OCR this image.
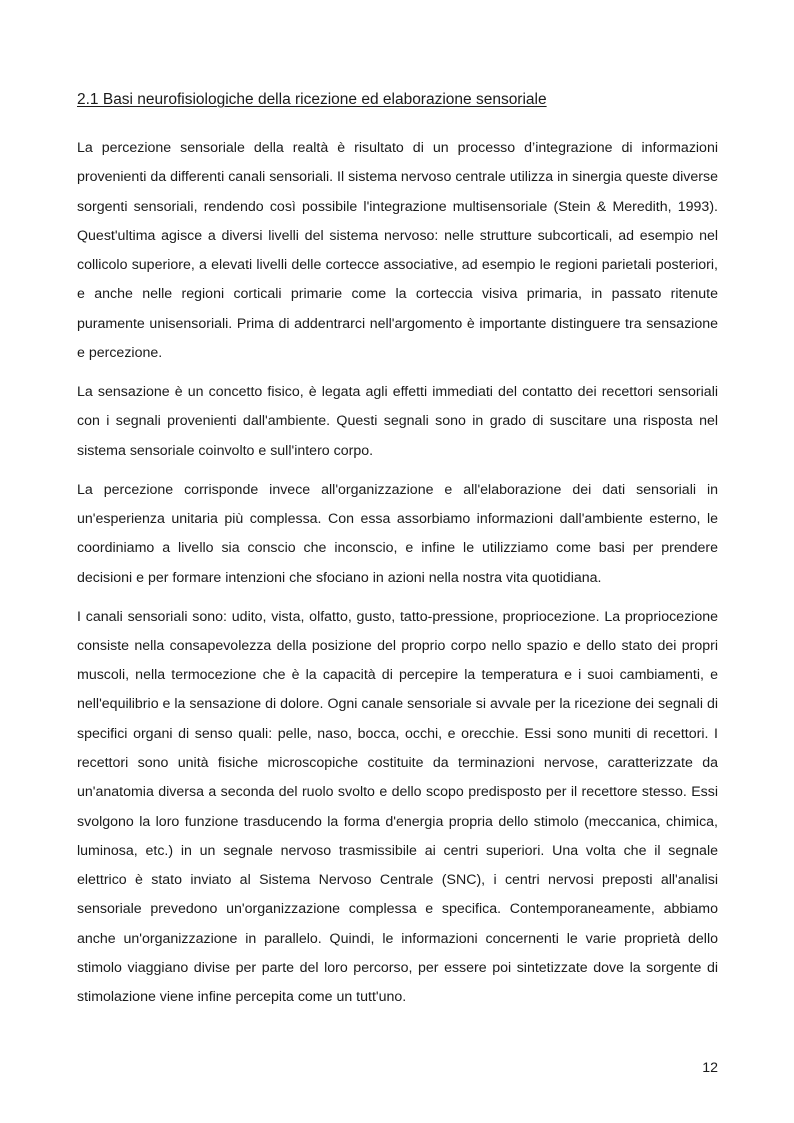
2.1 Basi neurofisiologiche della ricezione ed elaborazione sensoriale

La percezione sensoriale della realtà è risultato di un processo d’integrazione di informazioni provenienti da differenti canali sensoriali. Il sistema nervoso centrale utilizza in sinergia queste diverse sorgenti sensoriali, rendendo così possibile l'integrazione multisensoriale (Stein & Meredith, 1993). Quest'ultima agisce a diversi livelli del sistema nervoso: nelle strutture subcorticali, ad esempio nel collicolo superiore, a elevati livelli delle cortecce associative, ad esempio le regioni parietali posteriori, e anche nelle regioni corticali primarie come la corteccia visiva primaria, in passato ritenute puramente unisensoriali. Prima di addentrarci nell'argomento è importante distinguere tra sensazione e percezione.

La sensazione è un concetto fisico, è legata agli effetti immediati del contatto dei recettori sensoriali con i segnali provenienti dall'ambiente. Questi segnali sono in grado di suscitare una risposta nel sistema sensoriale coinvolto e sull'intero corpo.

La percezione corrisponde invece all'organizzazione e all'elaborazione dei dati sensoriali in un'esperienza unitaria più complessa. Con essa assorbiamo informazioni dall'ambiente esterno, le coordiniamo a livello sia conscio che inconscio, e infine le utilizziamo come basi per prendere decisioni e per formare intenzioni che sfociano in azioni nella nostra vita quotidiana.

I canali sensoriali sono: udito, vista, olfatto, gusto, tatto-pressione, propriocezione. La propriocezione consiste nella consapevolezza della posizione del proprio corpo nello spazio e dello stato dei propri muscoli, nella termocezione che è la capacità di percepire la temperatura e i suoi cambiamenti, e nell'equilibrio e la sensazione di dolore. Ogni canale sensoriale si avvale per la ricezione dei segnali di specifici organi di senso quali: pelle, naso, bocca, occhi, e orecchie. Essi sono muniti di recettori. I recettori sono unità fisiche microscopiche costituite da terminazioni nervose, caratterizzate da un'anatomia diversa a seconda del ruolo svolto e dello scopo predisposto per il recettore stesso. Essi svolgono la loro funzione trasducendo la forma d'energia propria dello stimolo (meccanica, chimica, luminosa, etc.) in un segnale nervoso trasmissibile ai centri superiori. Una volta che il segnale elettrico è stato inviato al Sistema Nervoso Centrale (SNC), i centri nervosi preposti all'analisi sensoriale prevedono un'organizzazione complessa e specifica. Contemporaneamente, abbiamo anche un'organizzazione in parallelo. Quindi, le informazioni concernenti le varie proprietà dello stimolo viaggiano divise per parte del loro percorso, per essere poi sintetizzate dove la sorgente di stimolazione viene infine percepita come un tutt'uno.

12
